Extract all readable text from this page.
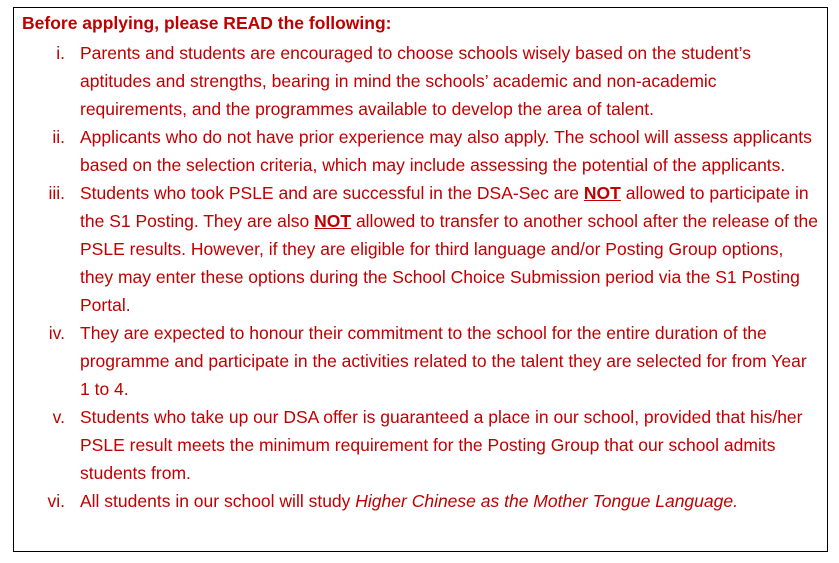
Before applying, please READ the following:
i. Parents and students are encouraged to choose schools wisely based on the student’s aptitudes and strengths, bearing in mind the schools’ academic and non-academic requirements, and the programmes available to develop the area of talent.
ii. Applicants who do not have prior experience may also apply. The school will assess applicants based on the selection criteria, which may include assessing the potential of the applicants.
iii. Students who took PSLE and are successful in the DSA-Sec are NOT allowed to participate in the S1 Posting. They are also NOT allowed to transfer to another school after the release of the PSLE results. However, if they are eligible for third language and/or Posting Group options, they may enter these options during the School Choice Submission period via the S1 Posting Portal.
iv. They are expected to honour their commitment to the school for the entire duration of the programme and participate in the activities related to the talent they are selected for from Year 1 to 4.
v. Students who take up our DSA offer is guaranteed a place in our school, provided that his/her PSLE result meets the minimum requirement for the Posting Group that our school admits students from.
vi. All students in our school will study Higher Chinese as the Mother Tongue Language.
